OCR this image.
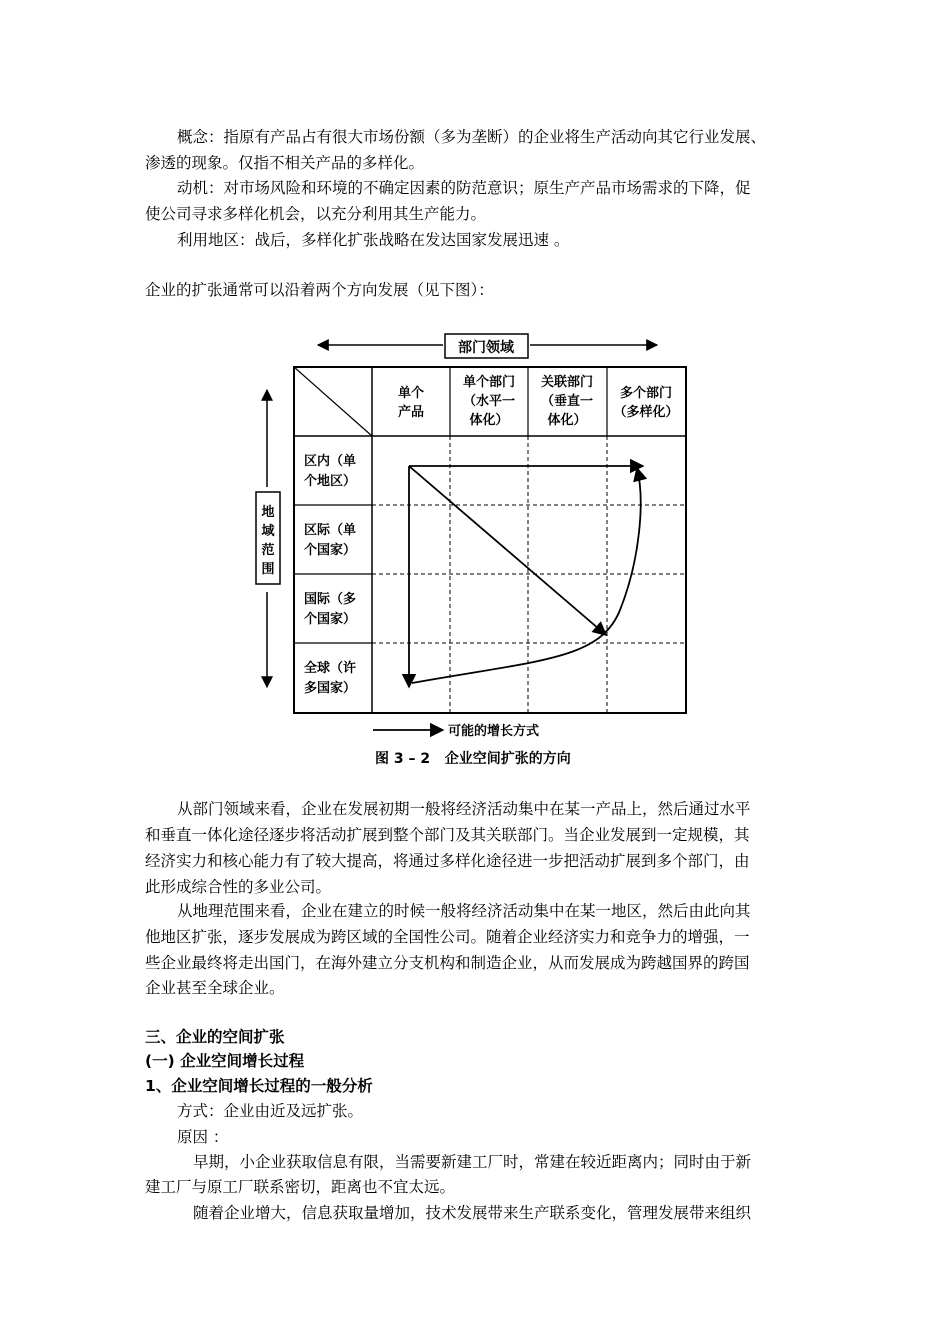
概念：指原有产品占有很大市场份额（多为垄断）的企业将生产活动向其它行业发展、
渗透的现象。仅指不相关产品的多样化。
动机：对市场风险和环境的不确定因素的防范意识；原生产产品市场需求的下降，促
使公司寻求多样化机会，以充分利用其生产能力。
利用地区：战后，多样化扩张战略在发达国家发展迅速 。
企业的扩张通常可以沿着两个方向发展（见下图）：
部门领域
地
域
范
围
单个
产品
单个部门
（水平一
体化）
关联部门
（垂直一
体化）
多个部门
（多样化）
区内（单
个地区）
区际（单
个国家）
国际（多
个国家）
全球（许
多国家）
可能的增长方式
图 3 – 2   企业空间扩张的方向
从部门领域来看，企业在发展初期一般将经济活动集中在某一产品上，然后通过水平
和垂直一体化途径逐步将活动扩展到整个部门及其关联部门。当企业发展到一定规模，其
经济实力和核心能力有了较大提高，将通过多样化途径进一步把活动扩展到多个部门，由
此形成综合性的多业公司。
从地理范围来看，企业在建立的时候一般将经济活动集中在某一地区，然后由此向其
他地区扩张，逐步发展成为跨区域的全国性公司。随着企业经济实力和竞争力的增强，一
些企业最终将走出国门，在海外建立分支机构和制造企业，从而发展成为跨越国界的跨国
企业甚至全球企业。
三、企业的空间扩张
(一) 企业空间增长过程
1、企业空间增长过程的一般分析
方式：企业由近及远扩张。
原因 ：
早期，小企业获取信息有限，当需要新建工厂时，常建在较近距离内；同时由于新
建工厂与原工厂联系密切，距离也不宜太远。
随着企业增大，信息获取量增加，技术发展带来生产联系变化，管理发展带来组织
